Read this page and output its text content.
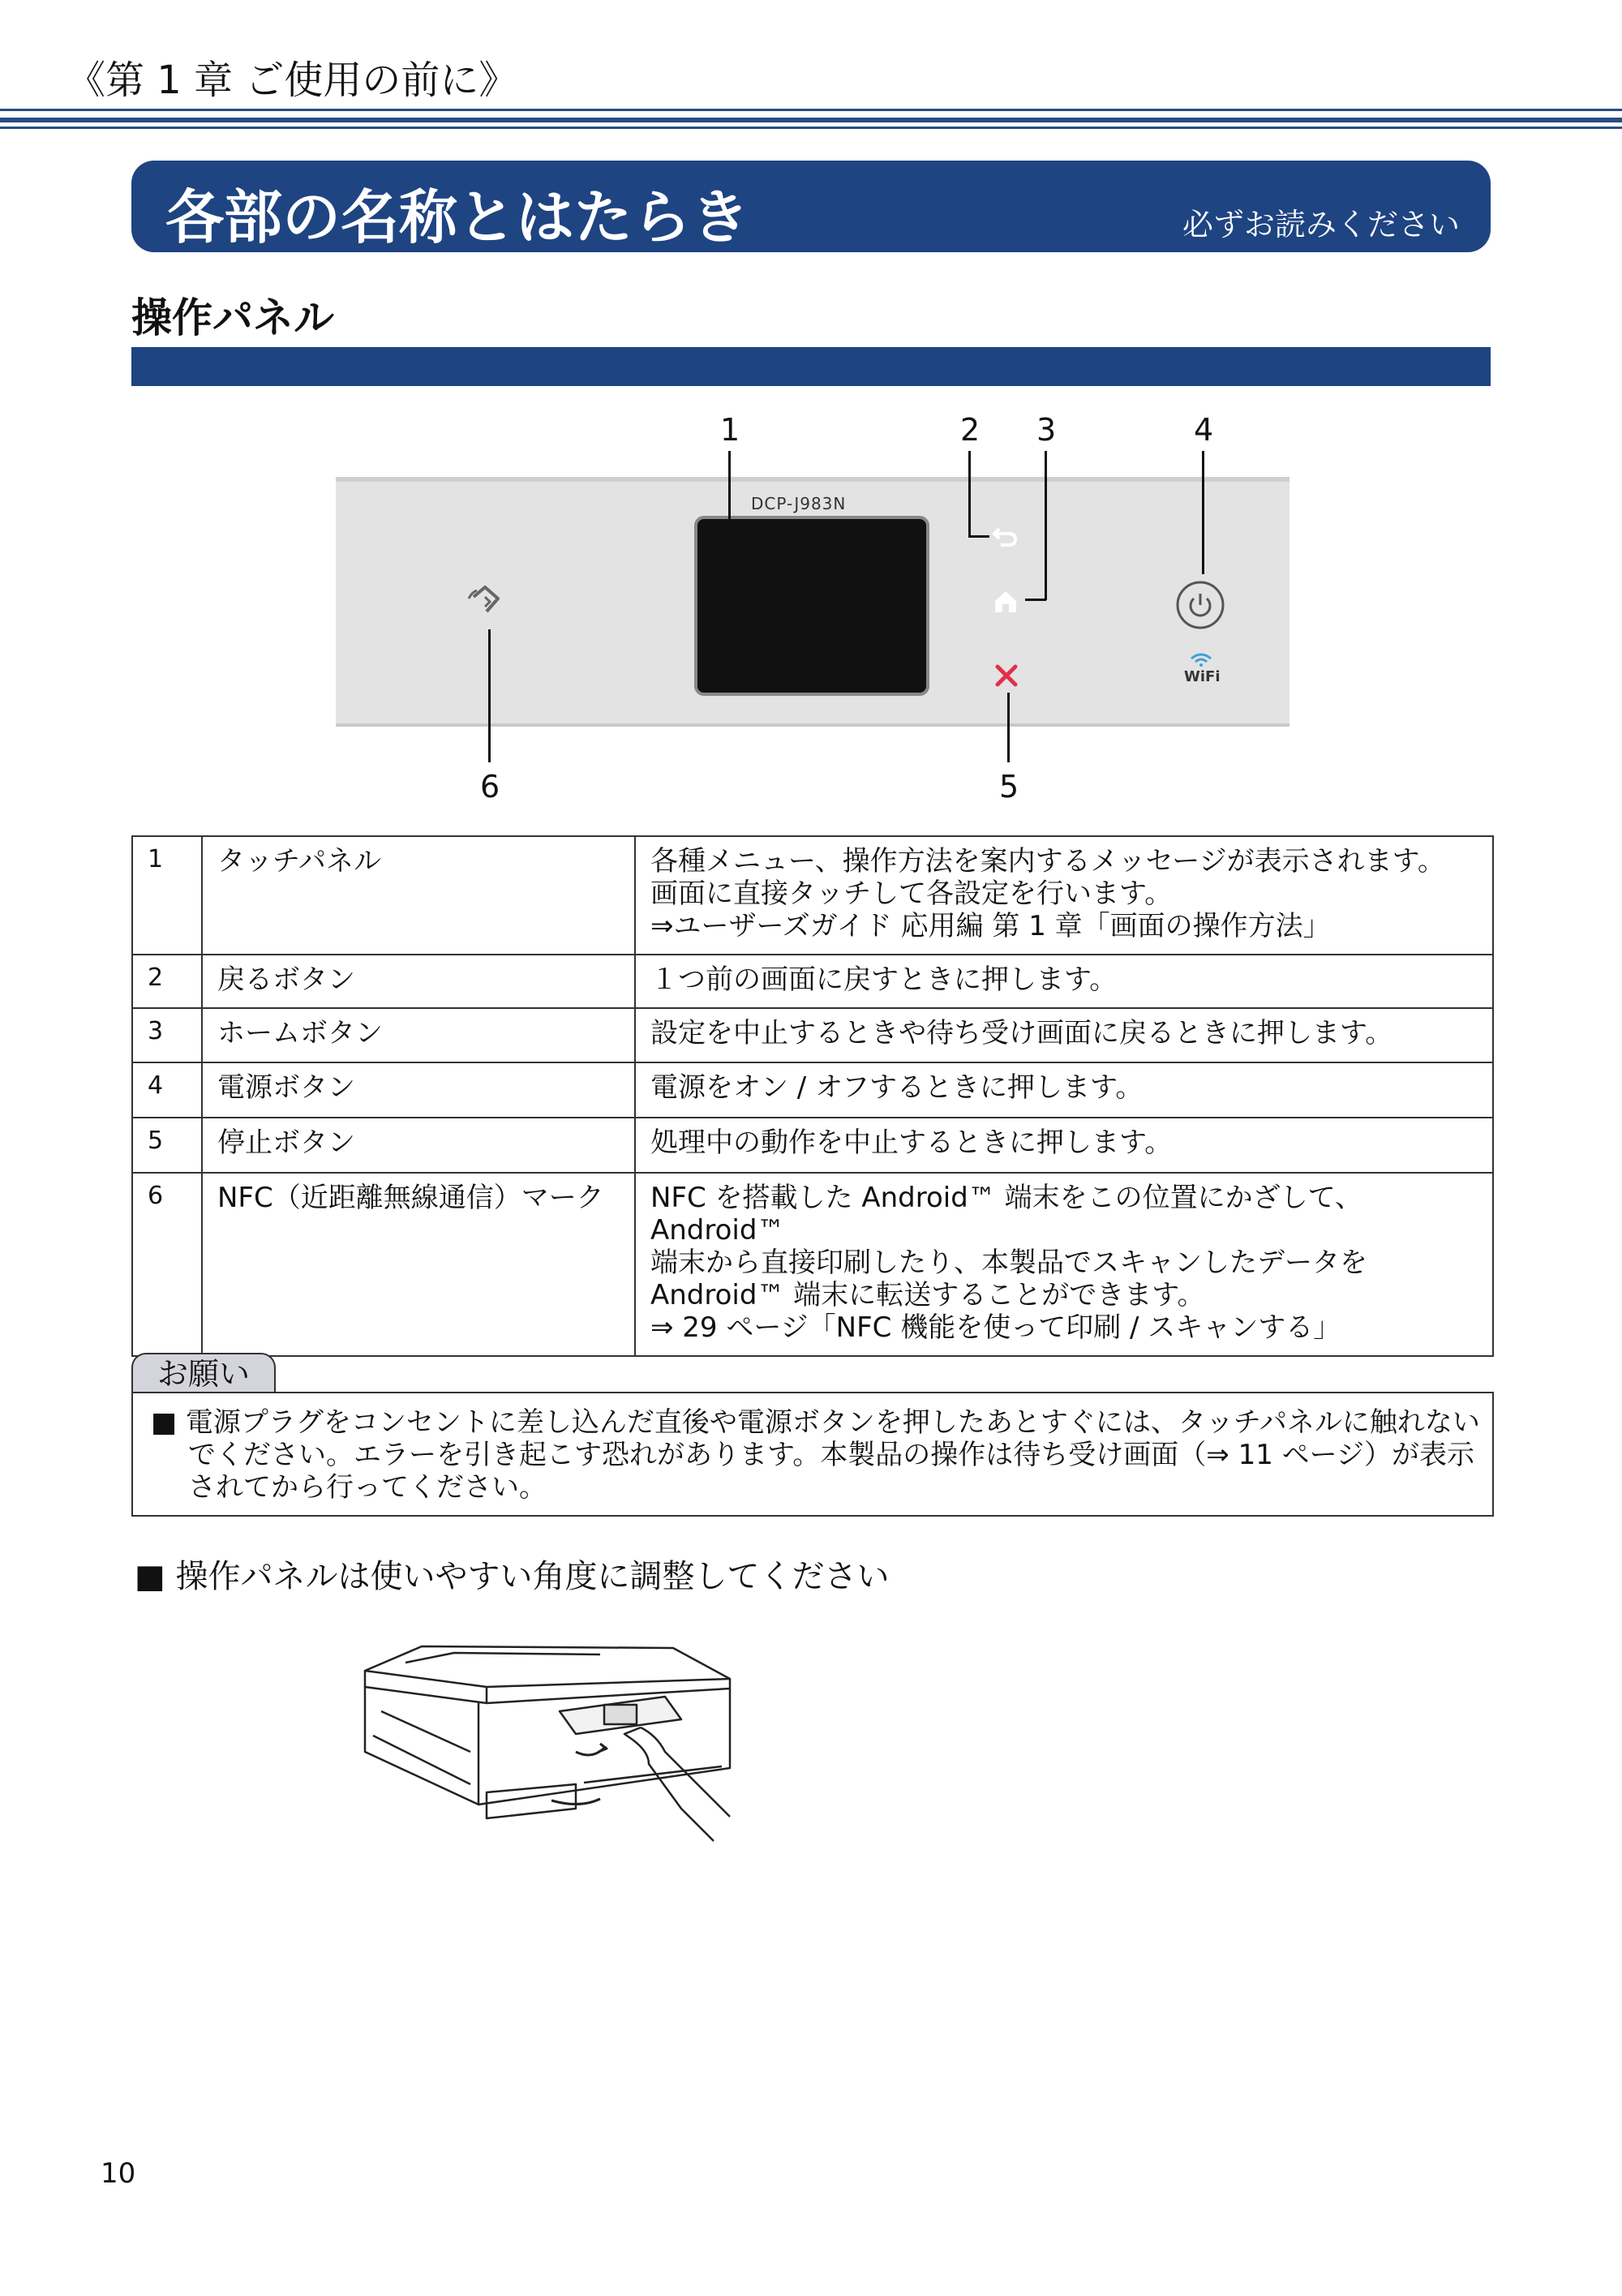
《第 1 章 ご使用の前に》
各部の名称とはたらき	必ずお読みください
操作パネル
1	2 3	4
6	5
DCP-J983N
WiFi
1	タッチパネル	各種メニュー、操作方法を案内するメッセージが表示されます。
画面に直接タッチして各設定を行います。
⇒ユーザーズガイド 応用編 第 1 章「画面の操作方法」

2	戻るボタン	１つ前の画面に戻すときに押します。

3	ホームボタン	設定を中止するときや待ち受け画面に戻るときに押します。

4	電源ボタン	電源をオン / オフするときに押します。

5	停止ボタン	処理中の動作を中止するときに押します。

6	NFC（近距離無線通信）マーク	NFC を搭載した Android™ 端末をこの位置にかざして、Android™
端末から直接印刷したり、本製品でスキャンしたデータを
Android™ 端末に転送することができます。
⇒ 29 ページ「NFC 機能を使って印刷 / スキャンする」
お願い
■ 電源プラグをコンセントに差し込んだ直後や電源ボタンを押したあとすぐには、タッチパネルに触れないでください。エラーを引き起こす恐れがあります。本製品の操作は待ち受け画面（⇒ 11 ページ）が表示されてから行ってください。
■ 操作パネルは使いやすい角度に調整してください
10
